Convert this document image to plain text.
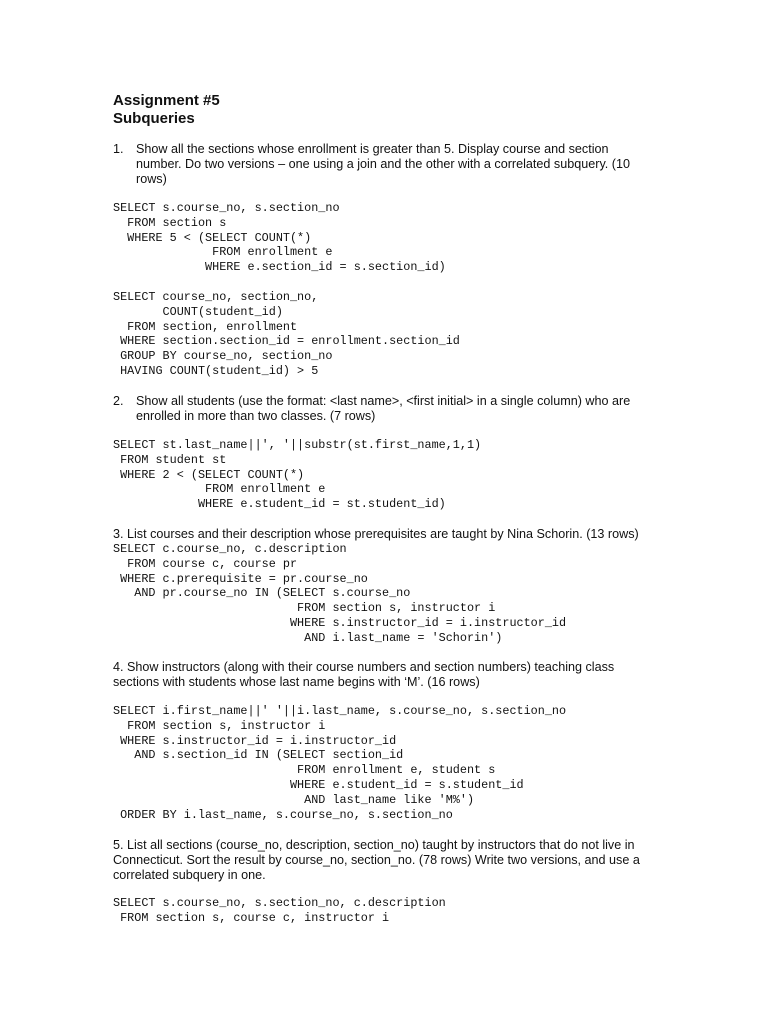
Assignment #5
Subqueries
1. Show all the sections whose enrollment is greater than 5. Display course and section number. Do two versions – one using a join and the other with a correlated subquery. (10 rows)

SELECT s.course_no, s.section_no
FROM section s
WHERE 5 < (SELECT COUNT(*)
FROM enrollment e
WHERE e.section_id = s.section_id)
SELECT course_no, section_no,
COUNT(student_id)
FROM section, enrollment
WHERE section.section_id = enrollment.section_id
GROUP BY course_no, section_no
HAVING COUNT(student_id) > 5
2. Show all students (use the format: <last name>, <first initial> in a single column) who are enrolled in more than two classes. (7 rows)

SELECT st.last_name||', '||substr(st.first_name,1,1)
FROM student st
WHERE 2 < (SELECT COUNT(*)
FROM enrollment e
WHERE e.student_id = st.student_id)

3. List courses and their description whose prerequisites are taught by Nina Schorin. (13 rows)

SELECT c.course_no, c.description
FROM course c, course pr
WHERE c.prerequisite = pr.course_no
AND pr.course_no IN (SELECT s.course_no
FROM section s, instructor i
WHERE s.instructor_id = i.instructor_id
AND i.last_name = 'Schorin')

4. Show instructors (along with their course numbers and section numbers) teaching class sections with students whose last name begins with ‘M’. (16 rows)

SELECT i.first_name||' '||i.last_name, s.course_no, s.section_no
FROM section s, instructor i
WHERE s.instructor_id = i.instructor_id
AND s.section_id IN (SELECT section_id
FROM enrollment e, student s
WHERE e.student_id = s.student_id
AND last_name like 'M%')
ORDER BY i.last_name, s.course_no, s.section_no

5. List all sections (course_no, description, section_no) taught by instructors that do not live in Connecticut. Sort the result by course_no, section_no. (78 rows) Write two versions, and use a correlated subquery in one.

SELECT s.course_no, s.section_no, c.description
FROM section s, course c, instructor i
